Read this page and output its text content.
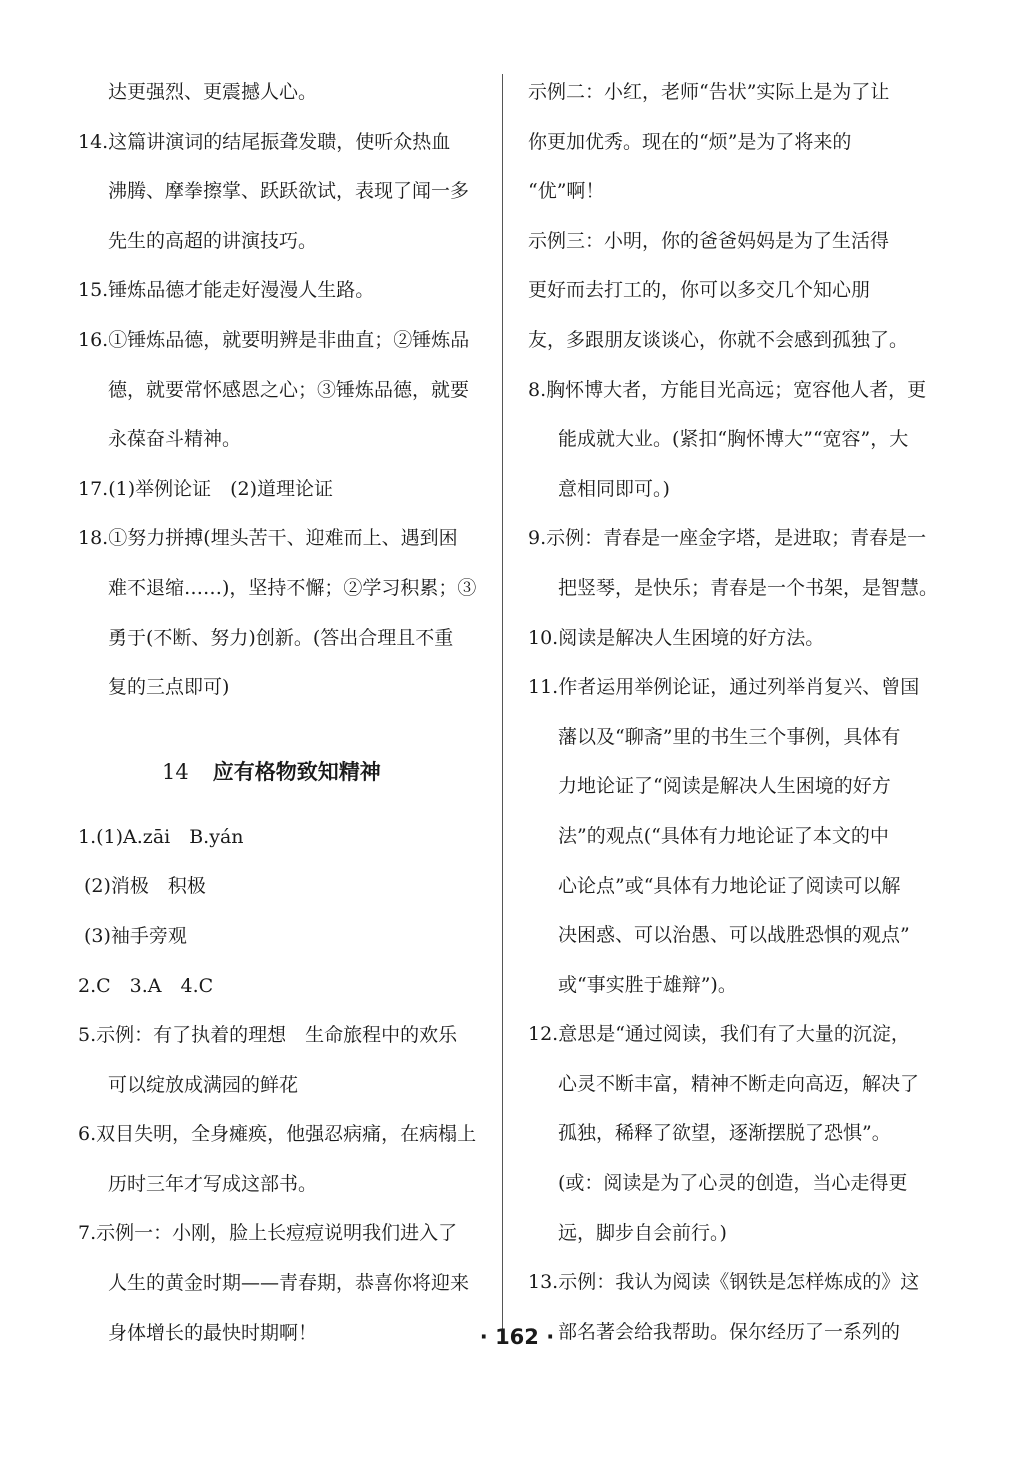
达更强烈、更震撼人心。
14.这篇讲演词的结尾振聋发聩，使听众热血
沸腾、摩拳擦掌、跃跃欲试，表现了闻一多
先生的高超的讲演技巧。
15.锤炼品德才能走好漫漫人生路。
16.①锤炼品德，就要明辨是非曲直；②锤炼品
德，就要常怀感恩之心；③锤炼品德，就要
永葆奋斗精神。
17.(1)举例论证　(2)道理论证
18.①努力拼搏(埋头苦干、迎难而上、遇到困
难不退缩……)，坚持不懈；②学习积累；③
勇于(不断、努力)创新。(答出合理且不重
复的三点即可)
14 应有格物致知精神
1.(1)A.zāi　B.yán
(2)消极　积极
(3)袖手旁观
2.C　3.A　4.C
5.示例：有了执着的理想　生命旅程中的欢乐
可以绽放成满园的鲜花
6.双目失明，全身瘫痪，他强忍病痛，在病榻上
历时三年才写成这部书。
7.示例一：小刚，脸上长痘痘说明我们进入了
人生的黄金时期——青春期，恭喜你将迎来
身体增长的最快时期啊！
示例二：小红，老师“告状”实际上是为了让
你更加优秀。现在的“烦”是为了将来的
“优”啊！
示例三：小明，你的爸爸妈妈是为了生活得
更好而去打工的，你可以多交几个知心朋
友，多跟朋友谈谈心，你就不会感到孤独了。
8.胸怀博大者，方能目光高远；宽容他人者，更
能成就大业。(紧扣“胸怀博大”“宽容”，大
意相同即可。)
9.示例：青春是一座金字塔，是进取；青春是一
把竖琴，是快乐；青春是一个书架，是智慧。
10.阅读是解决人生困境的好方法。
11.作者运用举例论证，通过列举肖复兴、曾国
藩以及“聊斋”里的书生三个事例，具体有
力地论证了“阅读是解决人生困境的好方
法”的观点(“具体有力地论证了本文的中
心论点”或“具体有力地论证了阅读可以解
决困惑、可以治愚、可以战胜恐惧的观点”
或“事实胜于雄辩”)。
12.意思是“通过阅读，我们有了大量的沉淀，
心灵不断丰富，精神不断走向高迈，解决了
孤独，稀释了欲望，逐渐摆脱了恐惧”。
(或：阅读是为了心灵的创造，当心走得更
远，脚步自会前行。)
13.示例：我认为阅读《钢铁是怎样炼成的》这
部名著会给我帮助。保尔经历了一系列的
· 162 ·
